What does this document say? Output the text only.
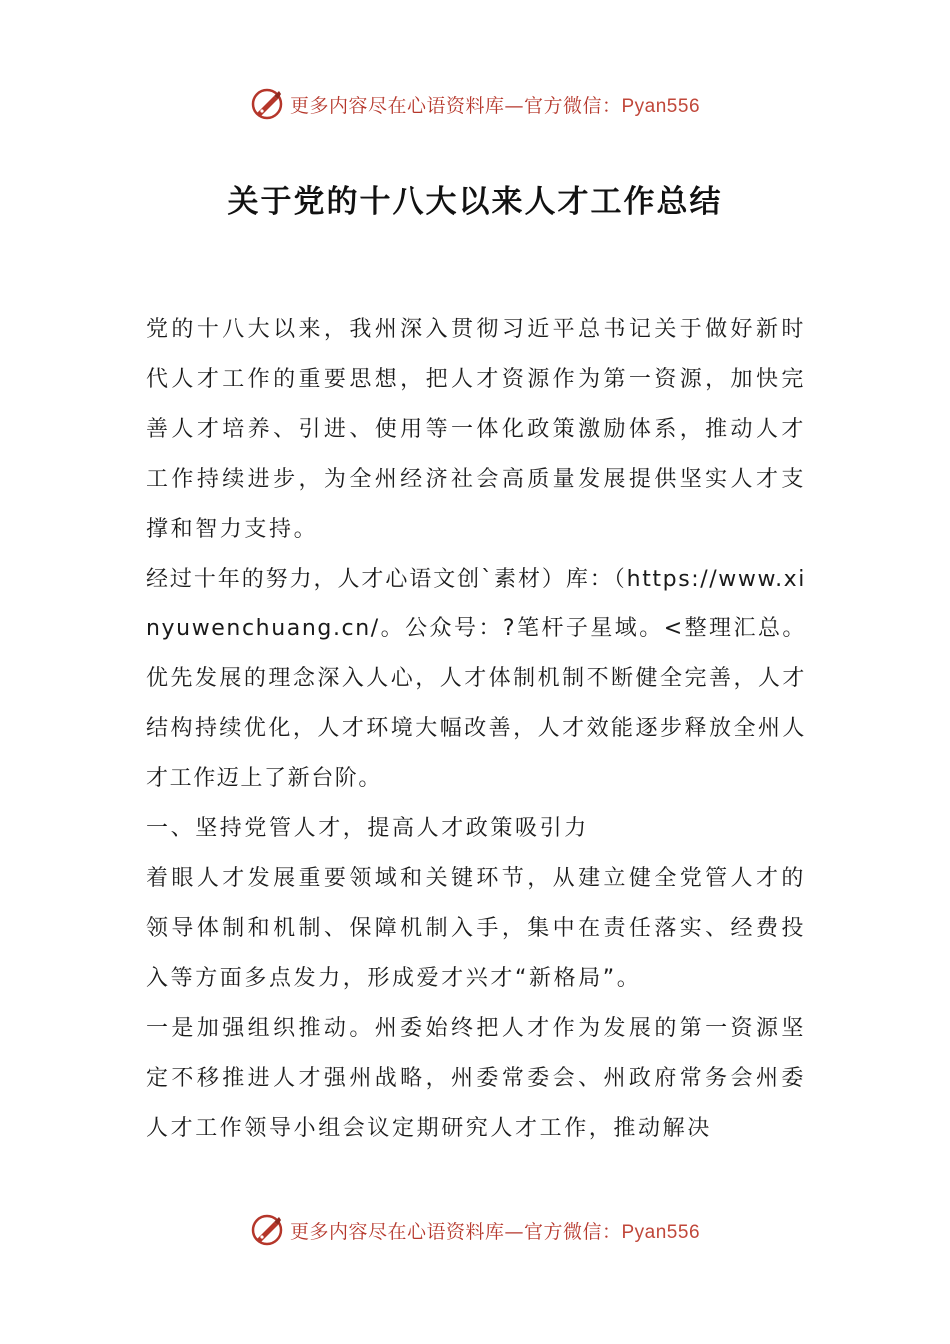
更多内容尽在心语资料库—官方微信：Pyan556
关于党的十八大以来人才工作总结

党的十八大以来，我州深入贯彻习近平总书记关于做好新时代人才工作的重要思想，把人才资源作为第一资源，加快完善人才培养、引进、使用等一体化政策激励体系，推动人才工作持续进步，为全州经济社会高质量发展提供坚实人才支撑和智力支持。

经过十年的努力，人才心语文创`素材）库：（https://www.xinyuwenchuang.cn/。公众号：?笔杆子星域。<整理汇总。优先发展的理念深入人心，人才体制机制不断健全完善，人才结构持续优化，人才环境大幅改善，人才效能逐步释放全州人才工作迈上了新台阶。

一、坚持党管人才，提高人才政策吸引力

着眼人才发展重要领域和关键环节，从建立健全党管人才的领导体制和机制、保障机制入手，集中在责任落实、经费投入等方面多点发力，形成爱才兴才“新格局”。

一是加强组织推动。州委始终把人才作为发展的第一资源坚定不移推进人才强州战略，州委常委会、州政府常务会州委人才工作领导小组会议定期研究人才工作，推动解决

更多内容尽在心语资料库—官方微信：Pyan556
